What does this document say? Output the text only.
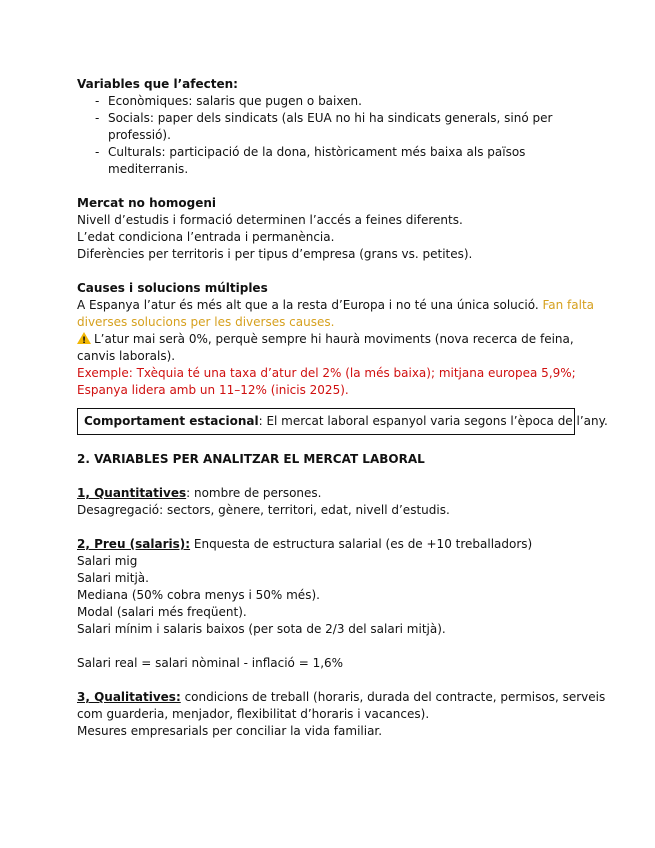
Variables que l’afecten:
- Econòmiques: salaris que pugen o baixen.
- Socials: paper dels sindicats (als EUA no hi ha sindicats generals, sinó per professió).
- Culturals: participació de la dona, històricament més baixa als països mediterranis.
Mercat no homogeni
Nivell d’estudis i formació determinen l’accés a feines diferents.
L’edat condiciona l’entrada i permanència.
Diferències per territoris i per tipus d’empresa (grans vs. petites).
Causes i solucions múltiples
A Espanya l’atur és més alt que a la resta d’Europa i no té una única solució. Fan falta
diverses solucions per les diverses causes.
!L’atur mai serà 0%, perquè sempre hi haurà moviments (nova recerca de feina,
canvis laborals).
Exemple: Txèquia té una taxa d’atur del 2% (la més baixa); mitjana europea 5,9%;
Espanya lidera amb un 11–12% (inicis 2025).
Comportament estacional: El mercat laboral espanyol varia segons l’època de l’any.
2. VARIABLES PER ANALITZAR EL MERCAT LABORAL
1, Quantitatives: nombre de persones.
Desagregació: sectors, gènere, territori, edat, nivell d’estudis.
2, Preu (salaris): Enquesta de estructura salarial (es de +10 treballadors)
Salari mig
Salari mitjà.
Mediana (50% cobra menys i 50% més).
Modal (salari més freqüent).
Salari mínim i salaris baixos (per sota de 2/3 del salari mitjà).
Salari real = salari nòminal - inflació = 1,6%
3, Qualitatives: condicions de treball (horaris, durada del contracte, permisos, serveis
com guarderia, menjador, flexibilitat d’horaris i vacances).
Mesures empresarials per conciliar la vida familiar.
